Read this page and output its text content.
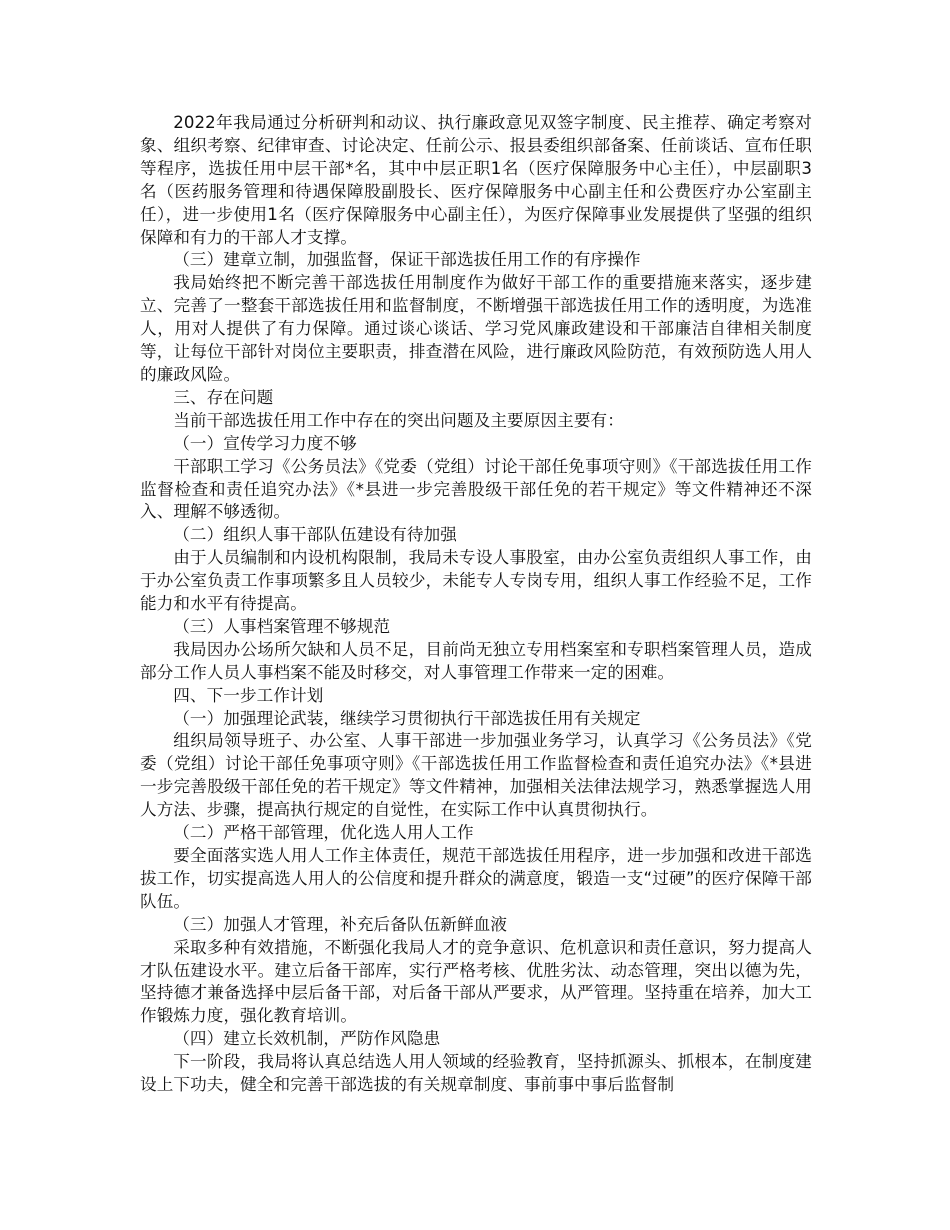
2022年我局通过分析研判和动议、执行廉政意见双签字制度、民主推荐、确定考察对象、组织考察、纪律审查、讨论决定、任前公示、报县委组织部备案、任前谈话、宣布任职等程序，选拔任用中层干部*名，其中中层正职1名（医疗保障服务中心主任），中层副职3名（医药服务管理和待遇保障股副股长、医疗保障服务中心副主任和公费医疗办公室副主任），进一步使用1名（医疗保障服务中心副主任），为医疗保障事业发展提供了坚强的组织保障和有力的干部人才支撑。

（三）建章立制，加强监督，保证干部选拔任用工作的有序操作

我局始终把不断完善干部选拔任用制度作为做好干部工作的重要措施来落实，逐步建立、完善了一整套干部选拔任用和监督制度，不断增强干部选拔任用工作的透明度，为选准人，用对人提供了有力保障。通过谈心谈话、学习党风廉政建设和干部廉洁自律相关制度等，让每位干部针对岗位主要职责，排查潜在风险，进行廉政风险防范，有效预防选人用人的廉政风险。

三、存在问题

当前干部选拔任用工作中存在的突出问题及主要原因主要有：

（一）宣传学习力度不够

干部职工学习《公务员法》《党委（党组）讨论干部任免事项守则》《干部选拔任用工作监督检查和责任追究办法》《*县进一步完善股级干部任免的若干规定》等文件精神还不深入、理解不够透彻。

（二）组织人事干部队伍建设有待加强

由于人员编制和内设机构限制，我局未专设人事股室，由办公室负责组织人事工作，由于办公室负责工作事项繁多且人员较少，未能专人专岗专用，组织人事工作经验不足，工作能力和水平有待提高。

（三）人事档案管理不够规范

我局因办公场所欠缺和人员不足，目前尚无独立专用档案室和专职档案管理人员，造成部分工作人员人事档案不能及时移交，对人事管理工作带来一定的困难。

四、下一步工作计划

（一）加强理论武装，继续学习贯彻执行干部选拔任用有关规定

组织局领导班子、办公室、人事干部进一步加强业务学习，认真学习《公务员法》《党委（党组）讨论干部任免事项守则》《干部选拔任用工作监督检查和责任追究办法》《*县进一步完善股级干部任免的若干规定》等文件精神，加强相关法律法规学习，熟悉掌握选人用人方法、步骤，提高执行规定的自觉性，在实际工作中认真贯彻执行。

（二）严格干部管理，优化选人用人工作

要全面落实选人用人工作主体责任，规范干部选拔任用程序，进一步加强和改进干部选拔工作，切实提高选人用人的公信度和提升群众的满意度，锻造一支“过硬”的医疗保障干部队伍。

（三）加强人才管理，补充后备队伍新鲜血液

采取多种有效措施，不断强化我局人才的竞争意识、危机意识和责任意识，努力提高人才队伍建设水平。建立后备干部库，实行严格考核、优胜劣汰、动态管理，突出以德为先，坚持德才兼备选择中层后备干部，对后备干部从严要求，从严管理。坚持重在培养，加大工作锻炼力度，强化教育培训。

（四）建立长效机制，严防作风隐患

下一阶段，我局将认真总结选人用人领域的经验教育，坚持抓源头、抓根本，在制度建设上下功夫，健全和完善干部选拔的有关规章制度、事前事中事后监督制
